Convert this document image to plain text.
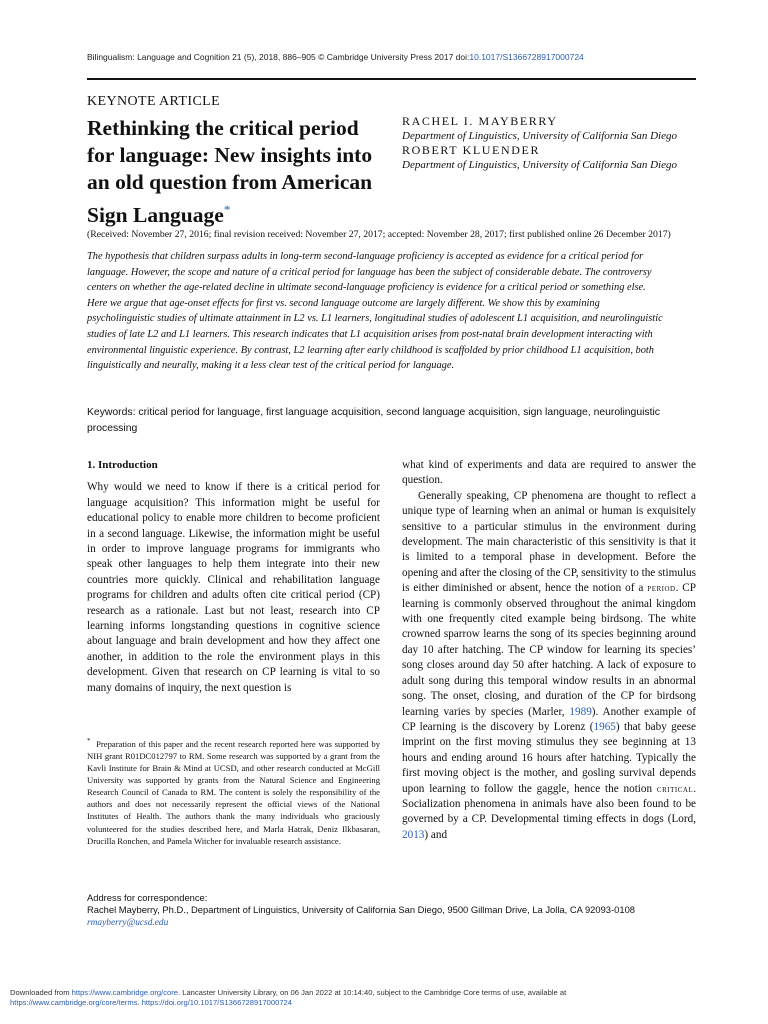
Bilingualism: Language and Cognition 21 (5), 2018, 886–905 © Cambridge University Press 2017 doi:10.1017/S1366728917000724
KEYNOTE ARTICLE
Rethinking the critical period for language: New insights into an old question from American Sign Language*
RACHEL I. MAYBERRY
Department of Linguistics, University of California San Diego
ROBERT KLUENDER
Department of Linguistics, University of California San Diego
(Received: November 27, 2016; final revision received: November 27, 2017; accepted: November 28, 2017; first published online 26 December 2017)
The hypothesis that children surpass adults in long-term second-language proficiency is accepted as evidence for a critical period for language. However, the scope and nature of a critical period for language has been the subject of considerable debate. The controversy centers on whether the age-related decline in ultimate second-language proficiency is evidence for a critical period or something else. Here we argue that age-onset effects for first vs. second language outcome are largely different. We show this by examining psycholinguistic studies of ultimate attainment in L2 vs. L1 learners, longitudinal studies of adolescent L1 acquisition, and neurolinguistic studies of late L2 and L1 learners. This research indicates that L1 acquisition arises from post-natal brain development interacting with environmental linguistic experience. By contrast, L2 learning after early childhood is scaffolded by prior childhood L1 acquisition, both linguistically and neurally, making it a less clear test of the critical period for language.
Keywords: critical period for language, first language acquisition, second language acquisition, sign language, neurolinguistic processing
1. Introduction

Why would we need to know if there is a critical period for language acquisition? This information might be useful for educational policy to enable more children to become proficient in a second language. Likewise, the information might be useful in order to improve language programs for immigrants who speak other languages to help them integrate into their new countries more quickly. Clinical and rehabilitation language programs for children and adults often cite critical period (CP) research as a rationale. Last but not least, research into CP learning informs longstanding questions in cognitive science about language and brain development and how they affect one another, in addition to the role the environment plays in this development. Given that research on CP learning is vital to so many domains of inquiry, the next question is

what kind of experiments and data are required to answer the question.

Generally speaking, CP phenomena are thought to reflect a unique type of learning when an animal or human is exquisitely sensitive to a particular stimulus in the environment during development. The main characteristic of this sensitivity is that it is limited to a temporal phase in development. Before the opening and after the closing of the CP, sensitivity to the stimulus is either diminished or absent, hence the notion of a period. CP learning is commonly observed throughout the animal kingdom with one frequently cited example being birdsong. The white crowned sparrow learns the song of its species beginning around day 10 after hatching. The CP window for learning its species’ song closes around day 50 after hatching. A lack of exposure to adult song during this temporal window results in an abnormal song. The onset, closing, and duration of the CP for birdsong learning varies by species (Marler, 1989). Another example of CP learning is the discovery by Lorenz (1965) that baby geese imprint on the first moving stimulus they see beginning at 13 hours and ending around 16 hours after hatching. Typically the first moving object is the mother, and gosling survival depends upon learning to follow the gaggle, hence the notion critical. Socialization phenomena in animals have also been found to be governed by a CP. Developmental timing effects in dogs (Lord, 2013) and

* Preparation of this paper and the recent research reported here was supported by NIH grant R01DC012797 to RM. Some research was supported by a grant from the Kavli Institute for Brain & Mind at UCSD, and other research conducted at McGill University was supported by grants from the Natural Science and Engineering Research Council of Canada to RM. The content is solely the responsibility of the authors and does not necessarily represent the official views of the National Institutes of Health. The authors thank the many individuals who graciously volunteered for the studies described here, and Marla Hatrak, Deniz Ilkbasaran, Drucilla Ronchen, and Pamela Witcher for invaluable research assistance.
Address for correspondence:
Rachel Mayberry, Ph.D., Department of Linguistics, University of California San Diego, 9500 Gillman Drive, La Jolla, CA 92093-0108
rmayberry@ucsd.edu
Downloaded from https://www.cambridge.org/core. Lancaster University Library, on 06 Jan 2022 at 10:14:40, subject to the Cambridge Core terms of use, available at
https://www.cambridge.org/core/terms. https://doi.org/10.1017/S1366728917000724
